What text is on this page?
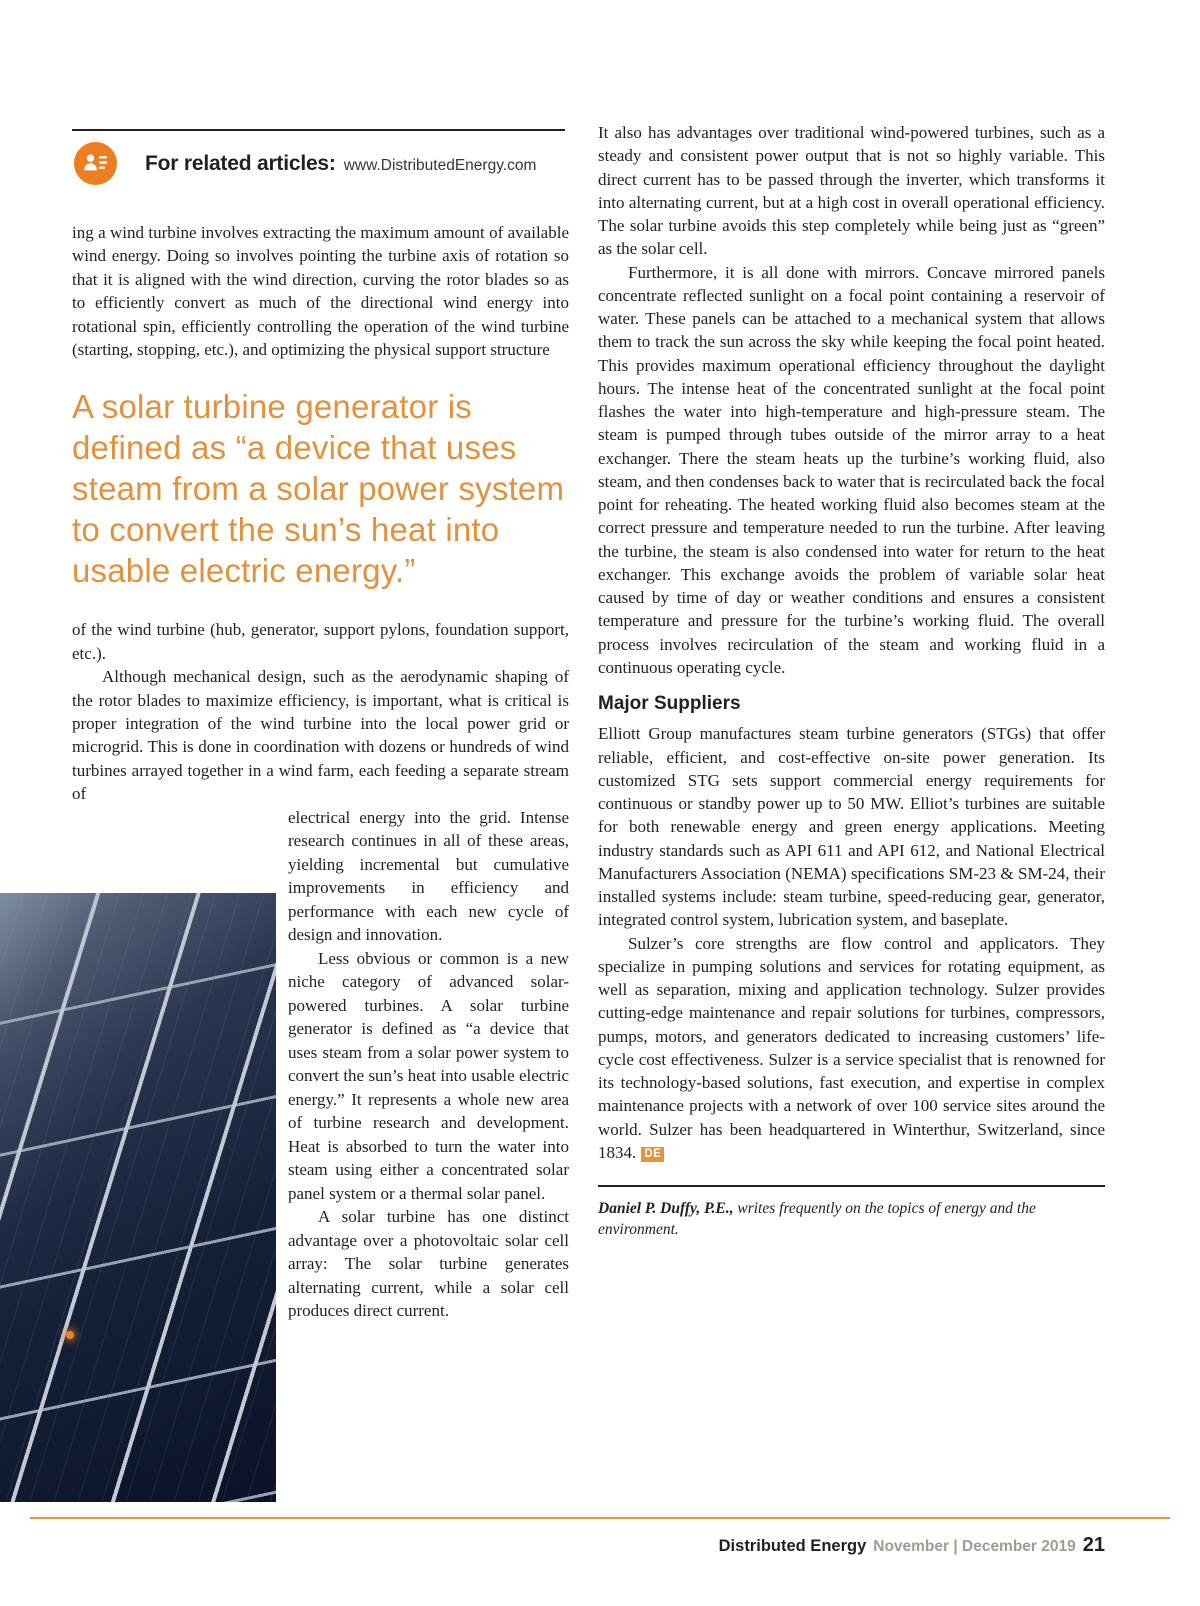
For related articles: www.DistributedEnergy.com

ing a wind turbine involves extracting the maximum amount of available wind energy. Doing so involves pointing the turbine axis of rotation so that it is aligned with the wind direction, curving the rotor blades so as to efficiently convert as much of the directional wind energy into rotational spin, efficiently controlling the operation of the wind turbine (starting, stopping, etc.), and optimizing the physical support structure

A solar turbine generator is defined as “a device that uses steam from a solar power system to convert the sun’s heat into usable electric energy.”

of the wind turbine (hub, generator, support pylons, foundation support, etc.).

Although mechanical design, such as the aerodynamic shaping of the rotor blades to maximize efficiency, is important, what is critical is proper integration of the wind turbine into the local power grid or microgrid. This is done in coordination with dozens or hundreds of wind turbines arrayed together in a wind farm, each feeding a separate stream of

electrical energy into the grid. Intense research continues in all of these areas, yielding incremental but cumulative improvements in efficiency and performance with each new cycle of design and innovation.

Less obvious or common is a new niche category of advanced solar-powered turbines. A solar turbine generator is defined as “a device that uses steam from a solar power system to convert the sun’s heat into usable electric energy.” It represents a whole new area of turbine research and development. Heat is absorbed to turn the water into steam using either a concentrated solar panel system or a thermal solar panel.

A solar turbine has one distinct advantage over a photovoltaic solar cell array: The solar turbine generates alternating current, while a solar cell produces direct current.

It also has advantages over traditional wind-powered turbines, such as a steady and consistent power output that is not so highly variable. This direct current has to be passed through the inverter, which transforms it into alternating current, but at a high cost in overall operational efficiency. The solar turbine avoids this step completely while being just as “green” as the solar cell.

Furthermore, it is all done with mirrors. Concave mirrored panels concentrate reflected sunlight on a focal point containing a reservoir of water. These panels can be attached to a mechanical system that allows them to track the sun across the sky while keeping the focal point heated. This provides maximum operational efficiency throughout the daylight hours. The intense heat of the concentrated sunlight at the focal point flashes the water into high-temperature and high-pressure steam. The steam is pumped through tubes outside of the mirror array to a heat exchanger. There the steam heats up the turbine’s working fluid, also steam, and then condenses back to water that is recirculated back the focal point for reheating. The heated working fluid also becomes steam at the correct pressure and temperature needed to run the turbine. After leaving the turbine, the steam is also condensed into water for return to the heat exchanger. This exchange avoids the problem of variable solar heat caused by time of day or weather conditions and ensures a consistent temperature and pressure for the turbine’s working fluid. The overall process involves recirculation of the steam and working fluid in a continuous operating cycle.

Major Suppliers

Elliott Group manufactures steam turbine generators (STGs) that offer reliable, efficient, and cost-effective on-site power generation. Its customized STG sets support commercial energy requirements for continuous or standby power up to 50 MW. Elliot’s turbines are suitable for both renewable energy and green energy applications. Meeting industry standards such as API 611 and API 612, and National Electrical Manufacturers Association (NEMA) specifications SM-23 & SM-24, their installed systems include: steam turbine, speed-reducing gear, generator, integrated control system, lubrication system, and baseplate.

Sulzer’s core strengths are flow control and applicators. They specialize in pumping solutions and services for rotating equipment, as well as separation, mixing and application technology. Sulzer provides cutting-edge maintenance and repair solutions for turbines, compressors, pumps, motors, and generators dedicated to increasing customers’ life-cycle cost effectiveness. Sulzer is a service specialist that is renowned for its technology-based solutions, fast execution, and expertise in complex maintenance projects with a network of over 100 service sites around the world. Sulzer has been headquartered in Winterthur, Switzerland, since 1834. DE

Daniel P. Duffy, P.E., writes frequently on the topics of energy and the environment.

Distributed Energy November | December 2019 21
